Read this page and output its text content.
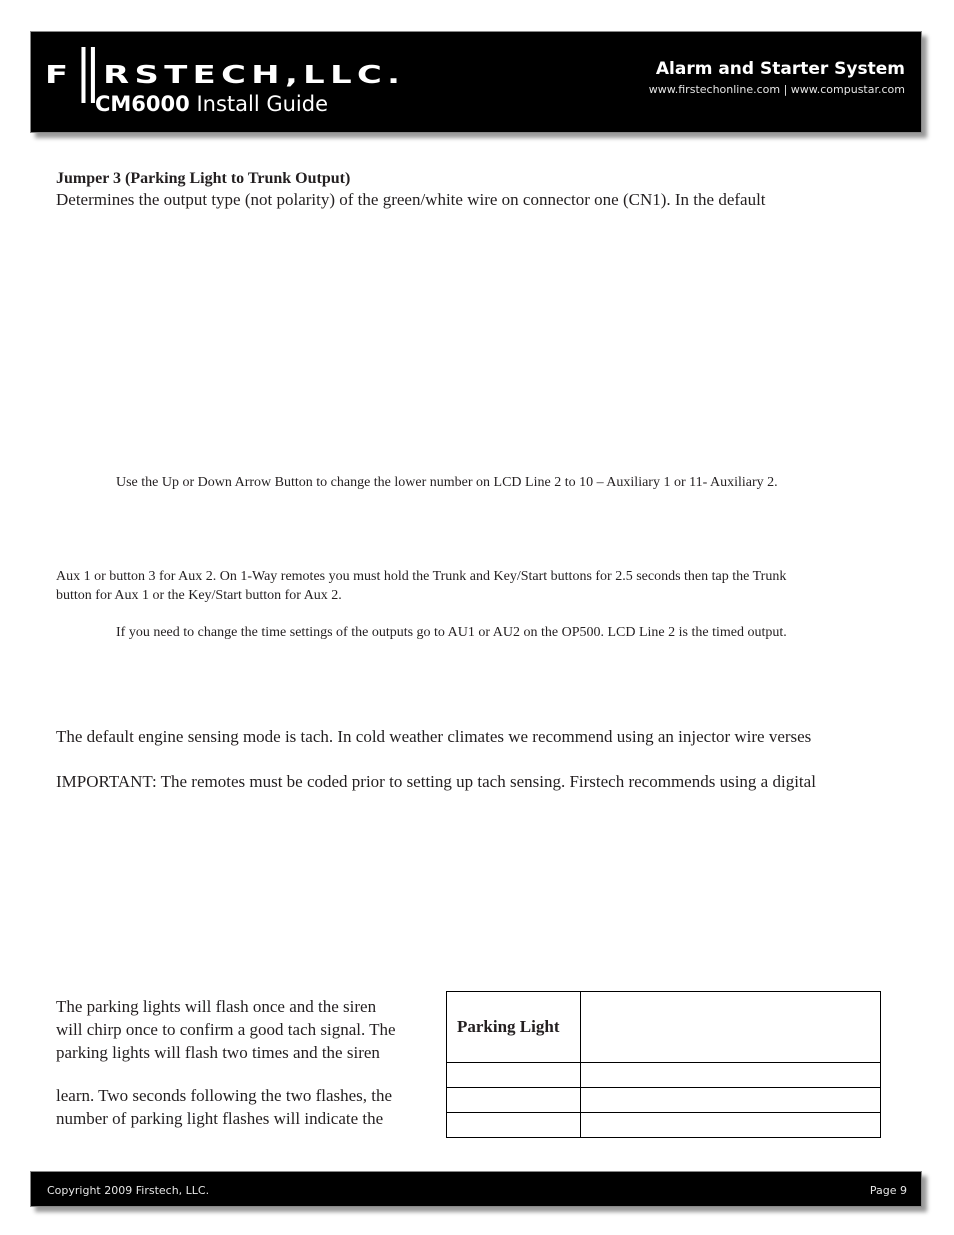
F RSTECH,LLC.
CM6000 Install Guide
Alarm and Starter System
www.firstechonline.com | www.compustar.com
Jumper 3 (Parking Light to Trunk Output)
Determines the output type (not polarity) of the green/white wire on connector one (CN1). In the default
Use the Up or Down Arrow Button to change the lower number on LCD Line 2 to 10 – Auxiliary 1 or 11- Auxiliary 2.
Aux 1 or button 3 for Aux 2. On 1-Way remotes you must hold the Trunk and Key/Start buttons for 2.5 seconds then tap the Trunk
button for Aux 1 or the Key/Start button for Aux 2.
If you need to change the time settings of the outputs go to AU1 or AU2 on the OP500. LCD Line 2 is the timed output.
The default engine sensing mode is tach. In cold weather climates we recommend using an injector wire verses
IMPORTANT: The remotes must be coded prior to setting up tach sensing. Firstech recommends using a digital
The parking lights will flash once and the siren
will chirp once to confirm a good tach signal. The
parking lights will flash two times and the siren
learn. Two seconds following the two flashes, the
number of parking light flashes will indicate the
Parking Light
Copyright 2009 Firstech, LLC.	Page 9
